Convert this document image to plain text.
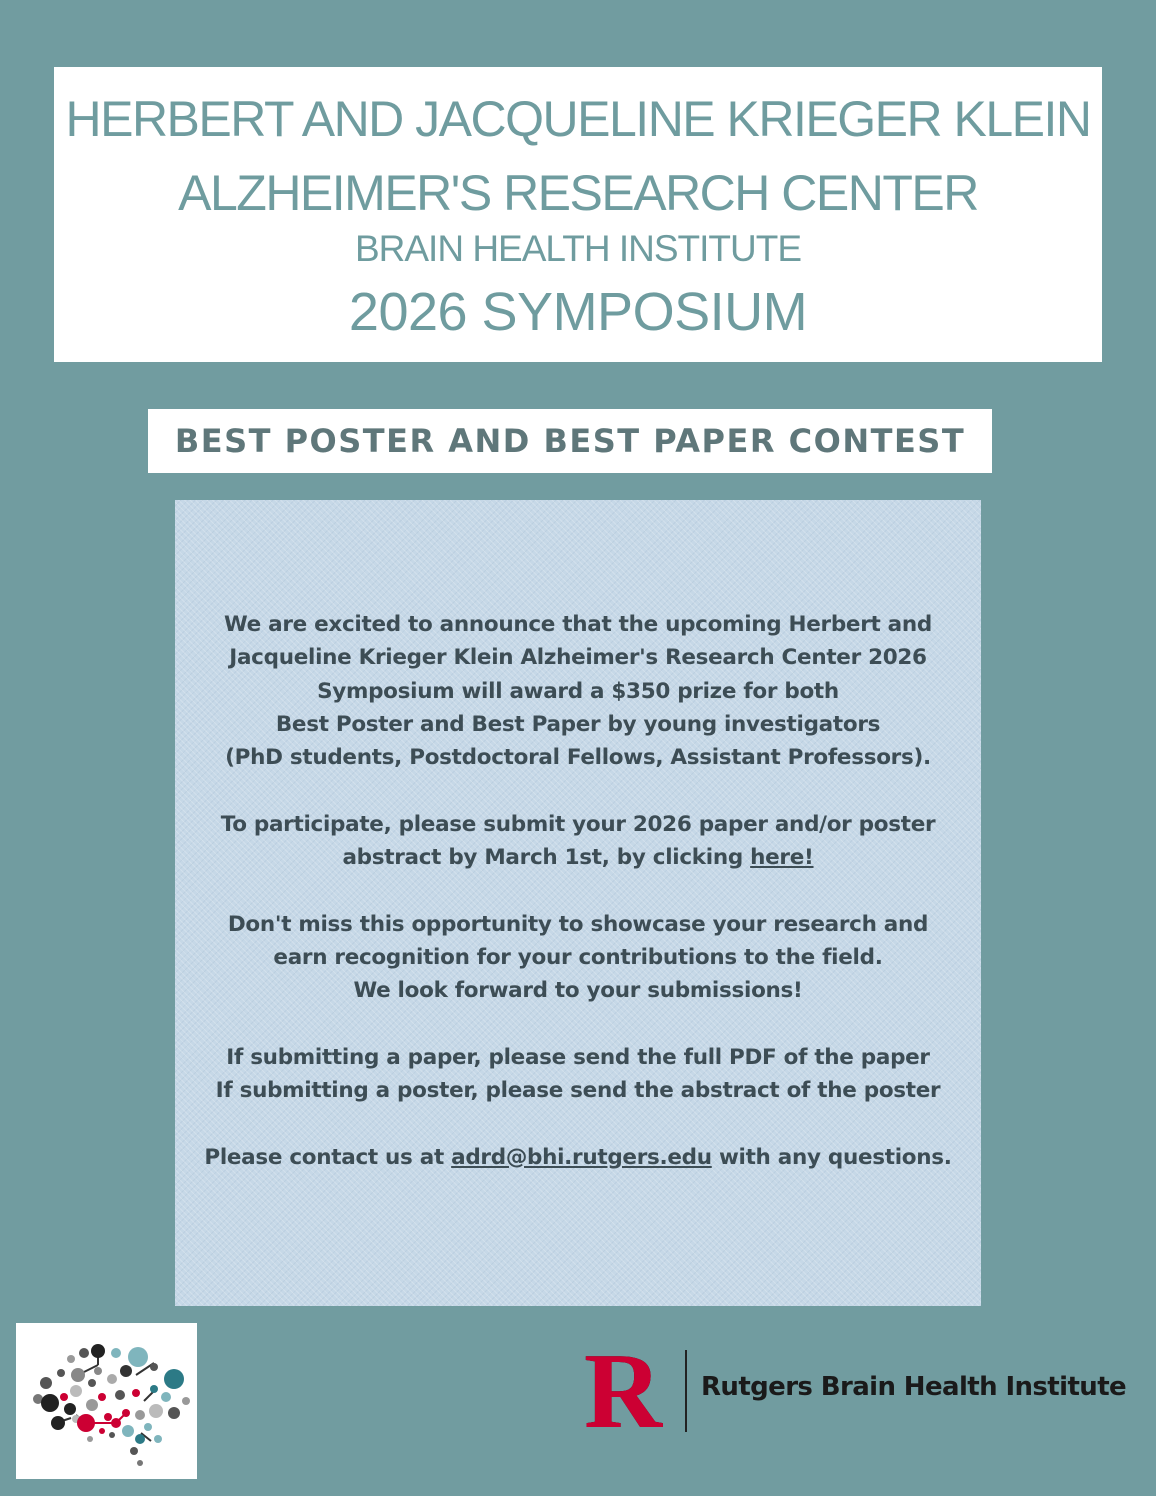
HERBERT AND JACQUELINE KRIEGER KLEIN
ALZHEIMER'S RESEARCH CENTER
BRAIN HEALTH INSTITUTE
2026 SYMPOSIUM
BEST POSTER AND BEST PAPER CONTEST

We are excited to announce that the upcoming Herbert and
Jacqueline Krieger Klein Alzheimer's Research Center 2026
Symposium will award a $350 prize for both
Best Poster and Best Paper by young investigators
(PhD students, Postdoctoral Fellows, Assistant Professors).

To participate, please submit your 2026 paper and/or poster
abstract by March 1st, by clicking here!

Don't miss this opportunity to showcase your research and
earn recognition for your contributions to the field.
We look forward to your submissions!

If submitting a paper, please send the full PDF of the paper
If submitting a poster, please send the abstract of the poster

Please contact us at adrd@bhi.rutgers.edu with any questions.

R Rutgers Brain Health Institute
